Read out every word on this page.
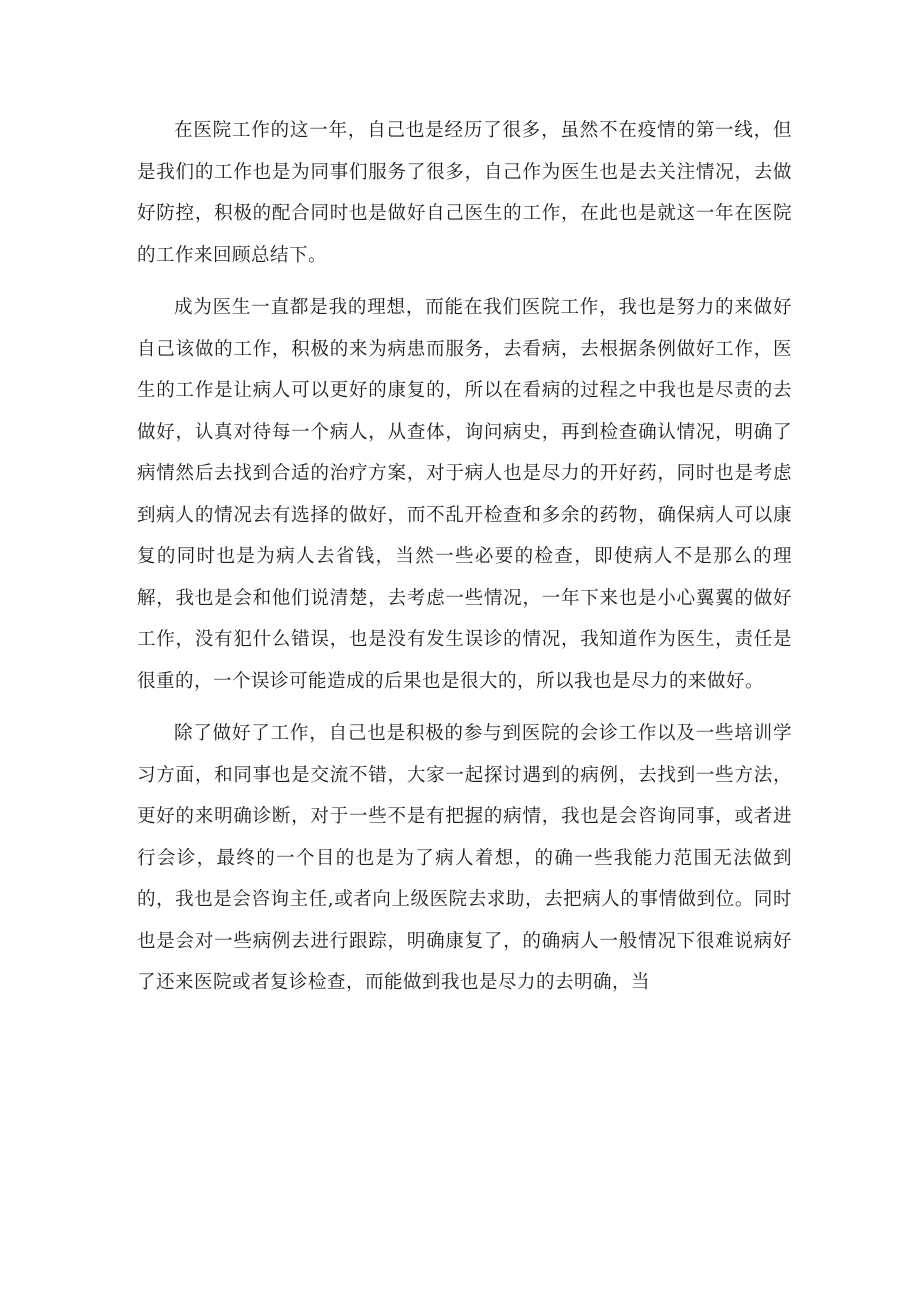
在医院工作的这一年，自己也是经历了很多，虽然不在疫情的第一线，但是我们的工作也是为同事们服务了很多，自己作为医生也是去关注情况，去做好防控，积极的配合同时也是做好自己医生的工作，在此也是就这一年在医院的工作来回顾总结下。

成为医生一直都是我的理想，而能在我们医院工作，我也是努力的来做好自己该做的工作，积极的来为病患而服务，去看病，去根据条例做好工作，医生的工作是让病人可以更好的康复的，所以在看病的过程之中我也是尽责的去做好，认真对待每一个病人，从查体，询问病史，再到检查确认情况，明确了病情然后去找到合适的治疗方案，对于病人也是尽力的开好药，同时也是考虑到病人的情况去有选择的做好，而不乱开检查和多余的药物，确保病人可以康复的同时也是为病人去省钱，当然一些必要的检查，即使病人不是那么的理解，我也是会和他们说清楚，去考虑一些情况，一年下来也是小心翼翼的做好工作，没有犯什么错误，也是没有发生误诊的情况，我知道作为医生，责任是很重的，一个误诊可能造成的后果也是很大的，所以我也是尽力的来做好。

除了做好了工作，自己也是积极的参与到医院的会诊工作以及一些培训学习方面，和同事也是交流不错，大家一起探讨遇到的病例，去找到一些方法，更好的来明确诊断，对于一些不是有把握的病情，我也是会咨询同事，或者进行会诊，最终的一个目的也是为了病人着想，的确一些我能力范围无法做到的，我也是会咨询主任,或者向上级医院去求助，去把病人的事情做到位。同时也是会对一些病例去进行跟踪，明确康复了，的确病人一般情况下很难说病好了还来医院或者复诊检查，而能做到我也是尽力的去明确，当
